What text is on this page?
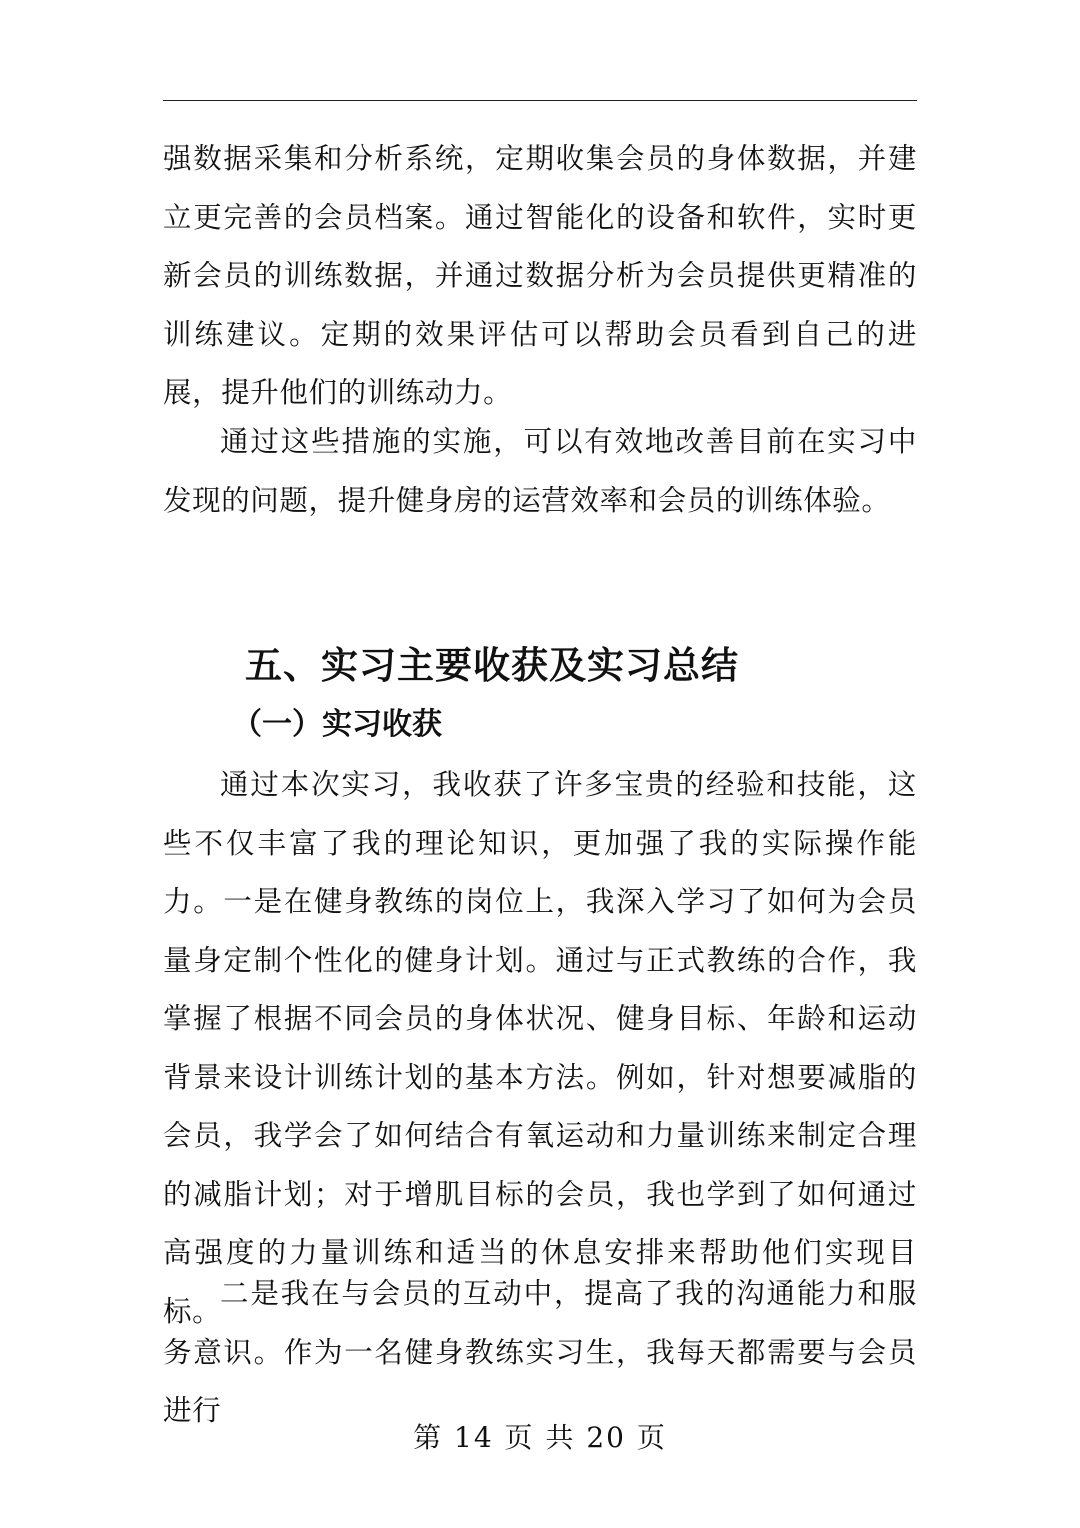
强数据采集和分析系统，定期收集会员的身体数据，并建立更完善的会员档案。通过智能化的设备和软件，实时更新会员的训练数据，并通过数据分析为会员提供更精准的训练建议。定期的效果评估可以帮助会员看到自己的进展，提升他们的训练动力。

通过这些措施的实施，可以有效地改善目前在实习中发现的问题，提升健身房的运营效率和会员的训练体验。

五、实习主要收获及实习总结
（一）实习收获

通过本次实习，我收获了许多宝贵的经验和技能，这些不仅丰富了我的理论知识，更加强了我的实际操作能力。一是在健身教练的岗位上，我深入学习了如何为会员量身定制个性化的健身计划。通过与正式教练的合作，我掌握了根据不同会员的身体状况、健身目标、年龄和运动背景来设计训练计划的基本方法。例如，针对想要减脂的会员，我学会了如何结合有氧运动和力量训练来制定合理的减脂计划；对于增肌目标的会员，我也学到了如何通过高强度的力量训练和适当的休息安排来帮助他们实现目标。

二是我在与会员的互动中，提高了我的沟通能力和服务意识。作为一名健身教练实习生，我每天都需要与会员进行

第 14 页 共 20 页
